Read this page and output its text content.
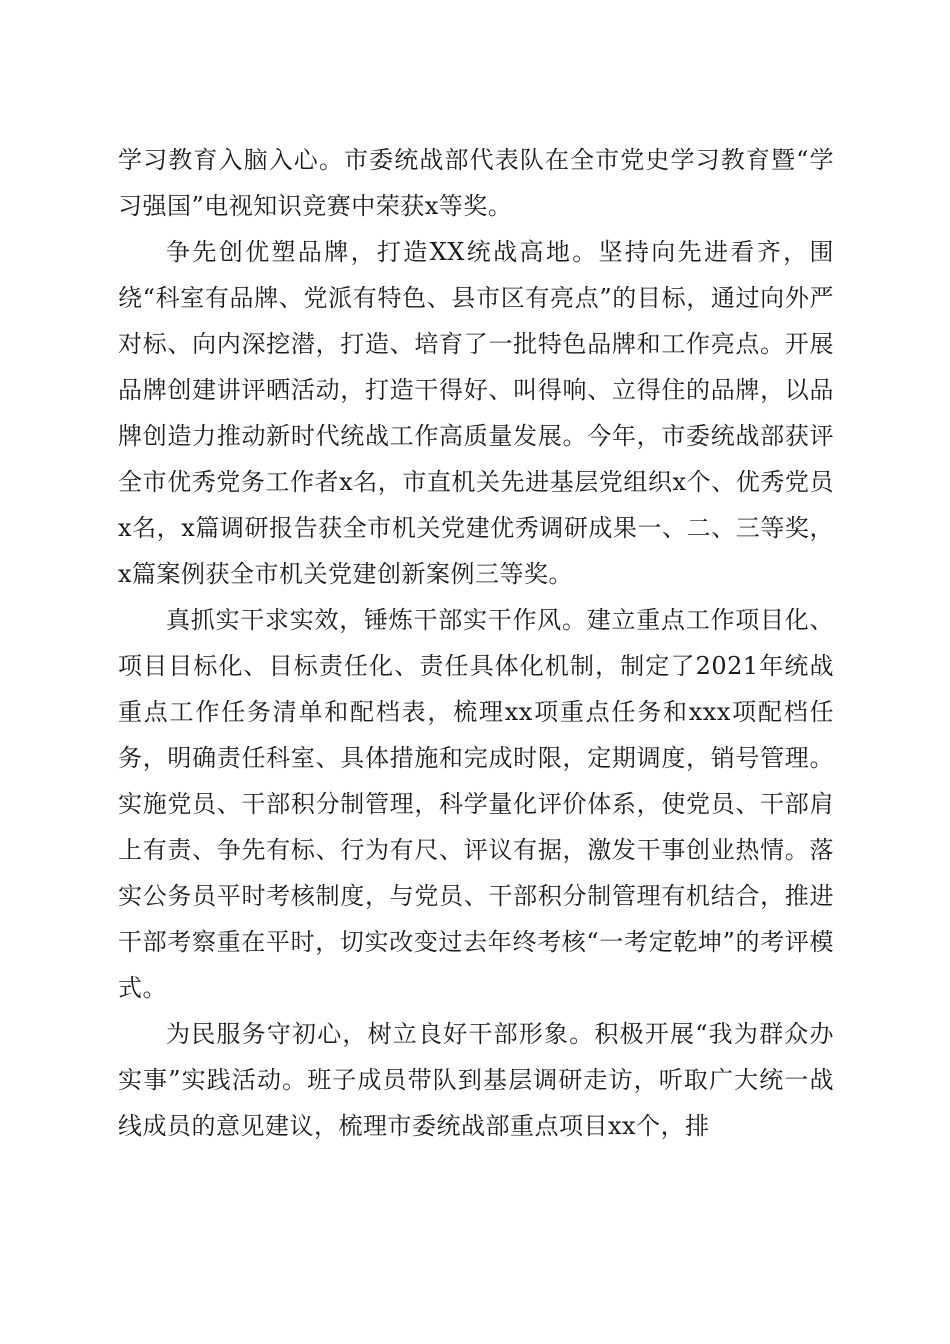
学习教育入脑入心。市委统战部代表队在全市党史学习教育暨“学习强国”电视知识竞赛中荣获x等奖。

争先创优塑品牌，打造XX统战高地。坚持向先进看齐，围绕“科室有品牌、党派有特色、县市区有亮点”的目标，通过向外严对标、向内深挖潜，打造、培育了一批特色品牌和工作亮点。开展品牌创建讲评晒活动，打造干得好、叫得响、立得住的品牌，以品牌创造力推动新时代统战工作高质量发展。今年，市委统战部获评全市优秀党务工作者x名，市直机关先进基层党组织x个、优秀党员x名，x篇调研报告获全市机关党建优秀调研成果一、二、三等奖，x篇案例获全市机关党建创新案例三等奖。

真抓实干求实效，锤炼干部实干作风。建立重点工作项目化、项目目标化、目标责任化、责任具体化机制，制定了2021年统战重点工作任务清单和配档表，梳理xx项重点任务和xxx项配档任务，明确责任科室、具体措施和完成时限，定期调度，销号管理。实施党员、干部积分制管理，科学量化评价体系，使党员、干部肩上有责、争先有标、行为有尺、评议有据，激发干事创业热情。落实公务员平时考核制度，与党员、干部积分制管理有机结合，推进干部考察重在平时，切实改变过去年终考核“一考定乾坤”的考评模式。

为民服务守初心，树立良好干部形象。积极开展“我为群众办实事”实践活动。班子成员带队到基层调研走访，听取广大统一战线成员的意见建议，梳理市委统战部重点项目xx个，排
